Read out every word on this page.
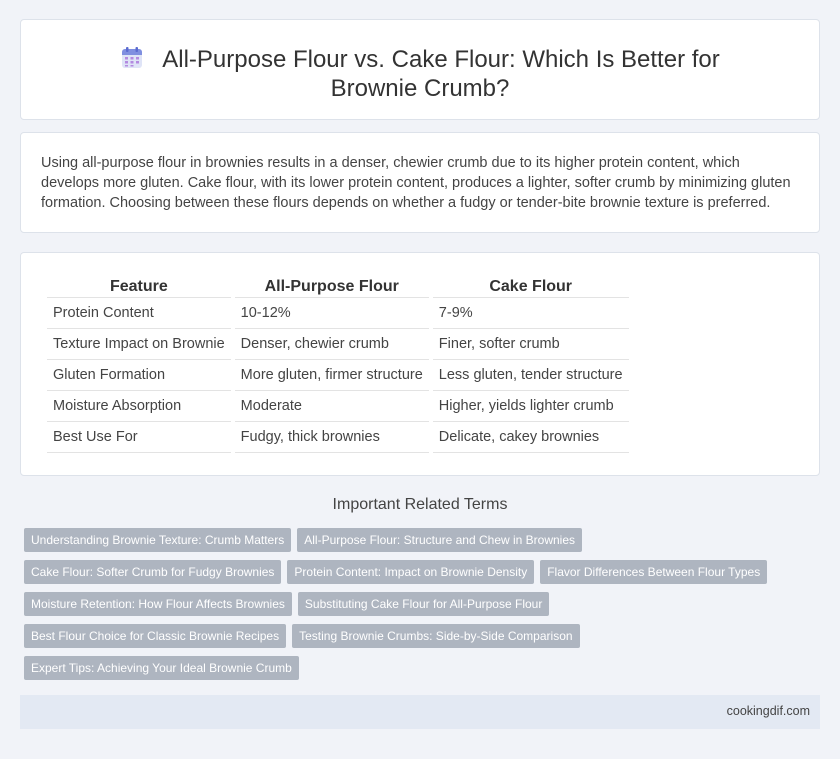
All-Purpose Flour vs. Cake Flour: Which Is Better for Brownie Crumb?

Using all-purpose flour in brownies results in a denser, chewier crumb due to its higher protein content, which develops more gluten. Cake flour, with its lower protein content, produces a lighter, softer crumb by minimizing gluten formation. Choosing between these flours depends on whether a fudgy or tender-bite brownie texture is preferred.

Feature	All-Purpose Flour	Cake Flour
Protein Content	10-12%	7-9%
Texture Impact on Brownie	Denser, chewier crumb	Finer, softer crumb
Gluten Formation	More gluten, firmer structure	Less gluten, tender structure
Moisture Absorption	Moderate	Higher, yields lighter crumb
Best Use For	Fudgy, thick brownies	Delicate, cakey brownies
Important Related Terms
Understanding Brownie Texture: Crumb Matters	All-Purpose Flour: Structure and Chew in Brownies
Cake Flour: Softer Crumb for Fudgy Brownies	Protein Content: Impact on Brownie Density	Flavor Differences Between Flour Types
Moisture Retention: How Flour Affects Brownies	Substituting Cake Flour for All-Purpose Flour
Best Flour Choice for Classic Brownie Recipes	Testing Brownie Crumbs: Side-by-Side Comparison
Expert Tips: Achieving Your Ideal Brownie Crumb
cookingdif.com
